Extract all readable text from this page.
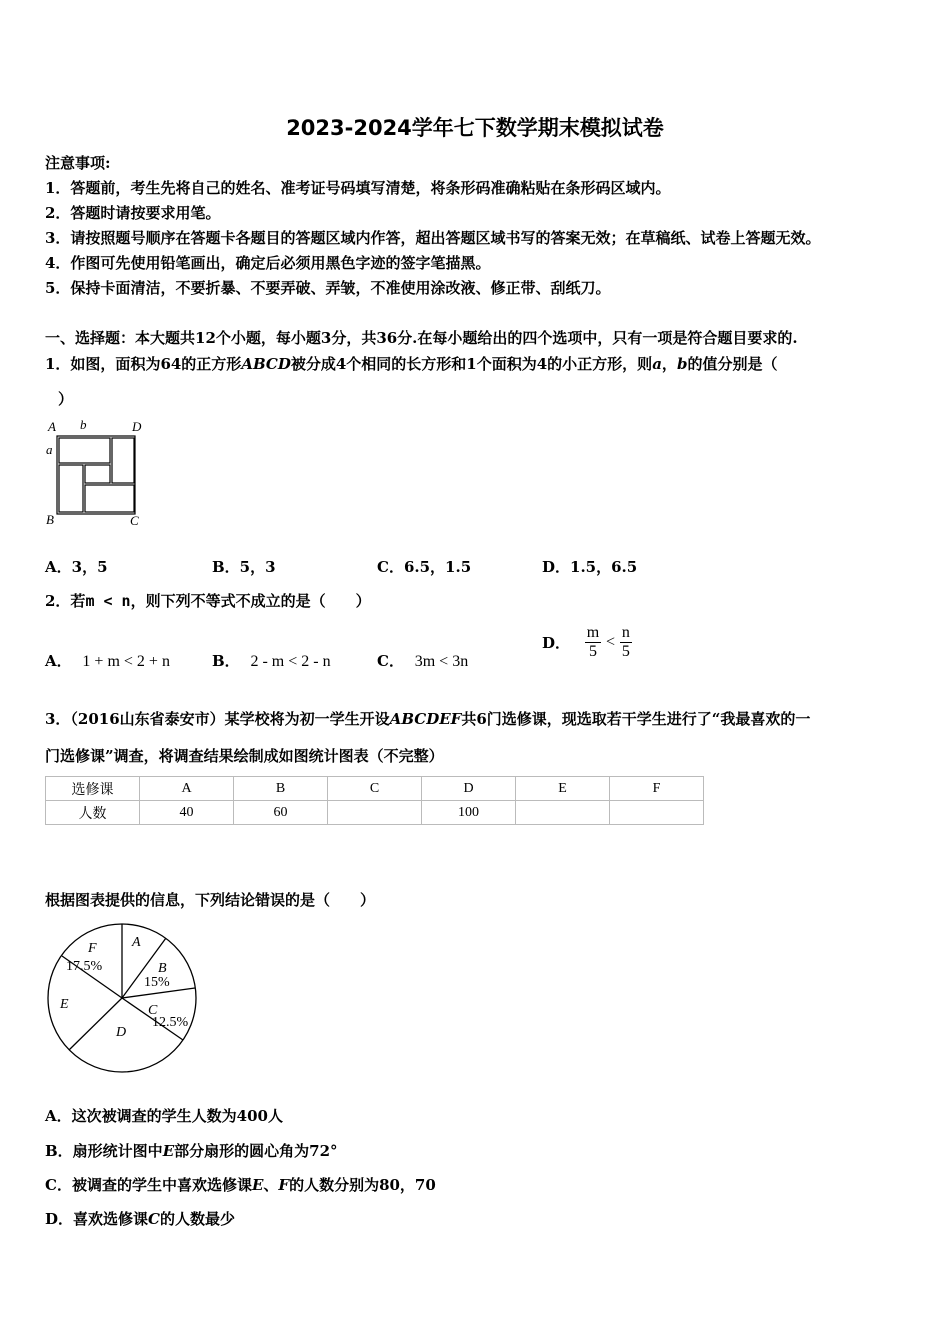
2023-2024学年七下数学期末模拟试卷
注意事项:
1．答题前，考生先将自己的姓名、准考证号码填写清楚，将条形码准确粘贴在条形码区域内。
2．答题时请按要求用笔。
3．请按照题号顺序在答题卡各题目的答题区域内作答，超出答题区域书写的答案无效；在草稿纸、试卷上答题无效。
4．作图可先使用铅笔画出，确定后必须用黑色字迹的签字笔描黑。
5．保持卡面清洁，不要折暴、不要弄破、弄皱，不准使用涂改液、修正带、刮纸刀。
一、选择题：本大题共12个小题，每小题3分，共36分.在每小题给出的四个选项中，只有一项是符合题目要求的.
1．如图，面积为64的正方形ABCD被分成4个相同的长方形和1个面积为4的小正方形，则a，b的值分别是（
）
A b	D
a
B	C
A．3，5	B．5，3	C．6.5，1.5	D．1.5，6.5
2．若m < n，则下列不等式不成立的是（　　）
A． 1 + m < 2 + n	B． 2 - m < 2 - n	C． 3m < 3n
D． $\frac{m}{5} < \frac{n}{5}$
3．（2016山东省泰安市）某学校将为初一学生开设ABCDEF共6门选修课，现选取若干学生进行了“我最喜欢的一
门选修课”调查，将调查结果绘制成如图统计图表（不完整）
选修课	A	B	C	D	E	F
人数	40	60		100		
根据图表提供的信息，下列结论错误的是（　　）
A
B
15%
C
12.5%
D
E
F
17.5%
A．这次被调查的学生人数为400人
B．扇形统计图中E部分扇形的圆心角为72°
C．被调查的学生中喜欢选修课E、F的人数分别为80，70
D．喜欢选修课C的人数最少
